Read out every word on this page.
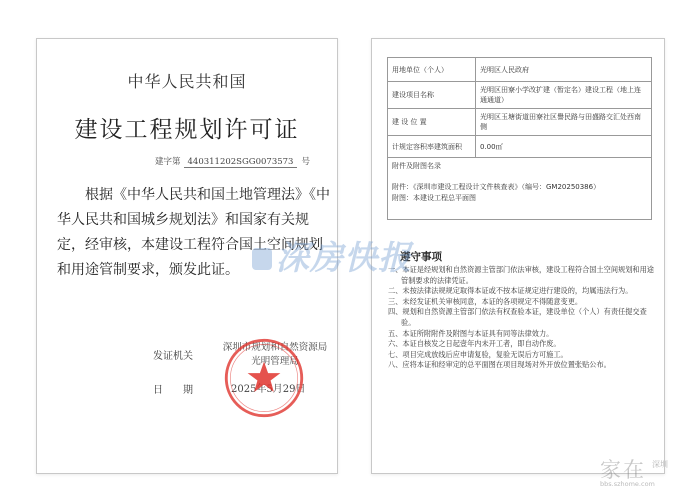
中华人民共和国
建设工程规划许可证
建字第 440311202SGG0073573 号

根据《中华人民共和国土地管理法》《中华人民共和国城乡规划法》和国家有关规定，经审核，本建设工程符合国土空间规划和用途管制要求，颁发此证。

发证机关
深圳市规划和自然资源局
光明管理局
日期 2025年5月29日
用地单位（个人）	光明区人民政府
建设项目名称	光明区田寮小学改扩建（暂定名）建设工程（地上连通通道）
建 设 位 置	光明区玉塘街道田寮社区譽民路与田盛路交汇处西南侧
计规定容积率建筑面积	0.00㎡

附件及附图名录
附件：《深圳市建设工程设计文件核查表》（编号：GM20250386）
附图：本建设工程总平面图	
遵守事项
一、本证是经规划和自然资源主管部门依法审核，建设工程符合国土空间规划和用途管制要求的法律凭证。
二、未按法律法规规定取得本证或不按本证规定进行建设的，均属违法行为。
三、未经发证机关审核同意，本证的各项规定不得随意变更。
四、规划和自然资源主管部门依法有权查验本证，建设单位（个人）有责任提交查验。
五、本证所附附件及附图与本证具有同等法律效力。
六、本证自核发之日起壹年内未开工者，即自动作废。
七、项目完成放线后应申请复验，复验无误后方可施工。
八、应将本证和经审定的总平面图在项目现场对外开放位置张贴公布。
深房快报
家在 深圳
bbs.szhome.com
